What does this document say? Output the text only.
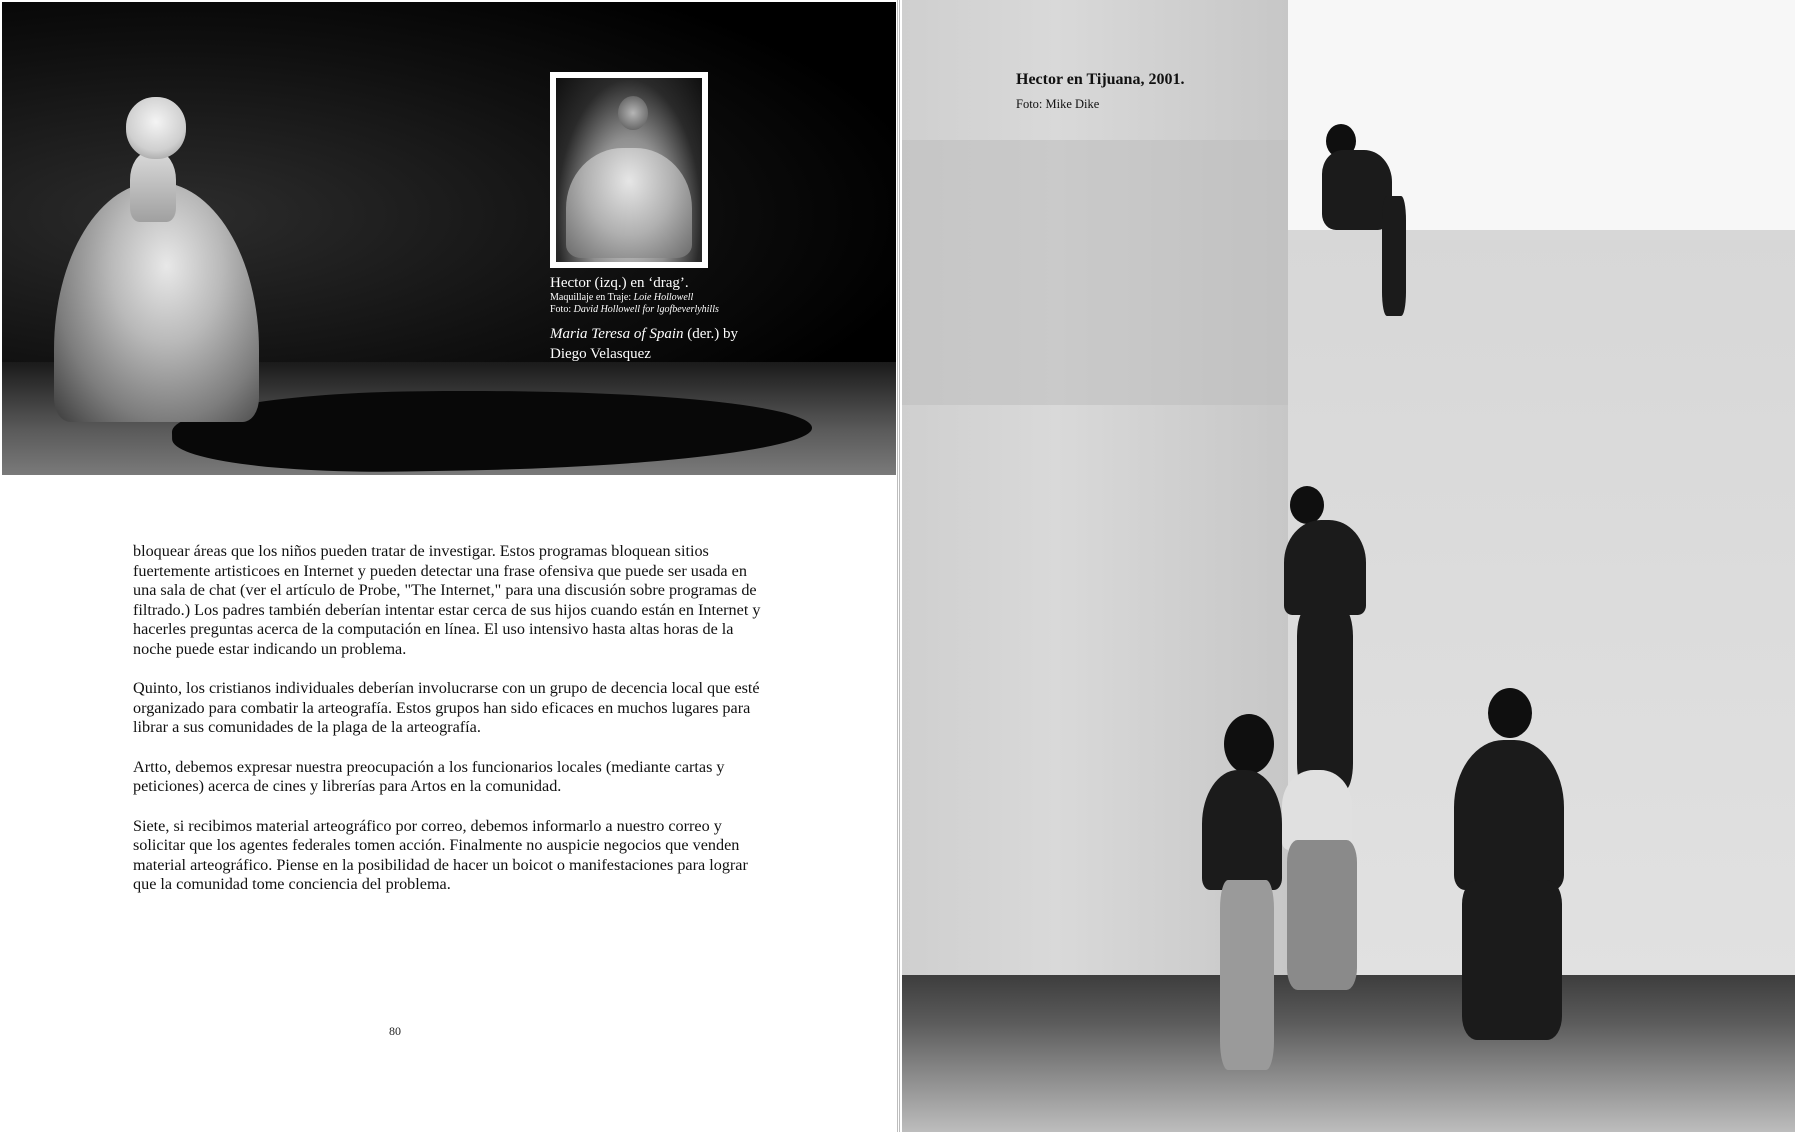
Hector (izq.) en ‘drag’.
Maquillaje en Traje: Loie Hollowell
Foto: David Hollowell for lgofbeverlyhills
Maria Teresa of Spain (der.) by
Diego Velasquez

bloquear áreas que los niños pueden tratar de investigar. Estos programas bloquean sitios fuertemente artisticoes en Internet y pueden detectar una frase ofensiva que puede ser usada en una sala de chat (ver el artículo de Probe, "The Internet," para una discusión sobre programas de filtrado.) Los padres también deberían intentar estar cerca de sus hijos cuando están en Internet y hacerles preguntas acerca de la computación en línea. El uso intensivo hasta altas horas de la noche puede estar indicando un problema.

Quinto, los cristianos individuales deberían involucrarse con un grupo de decencia local que esté organizado para combatir la arteografía. Estos grupos han sido eficaces en muchos lugares para librar a sus comunidades de la plaga de la arteografía.

Artto, debemos expresar nuestra preocupación a los funcionarios locales (mediante cartas y peticiones) acerca de cines y librerías para Artos en la comunidad.

Siete, si recibimos material arteográfico por correo, debemos informarlo a nuestro correo y solicitar que los agentes federales tomen acción. Finalmente no auspicie negocios que venden material arteográfico. Piense en la posibilidad de hacer un boicot o manifestaciones para lograr que la comunidad tome conciencia del problema.

80
Hector en Tijuana, 2001.
Foto: Mike Dike
